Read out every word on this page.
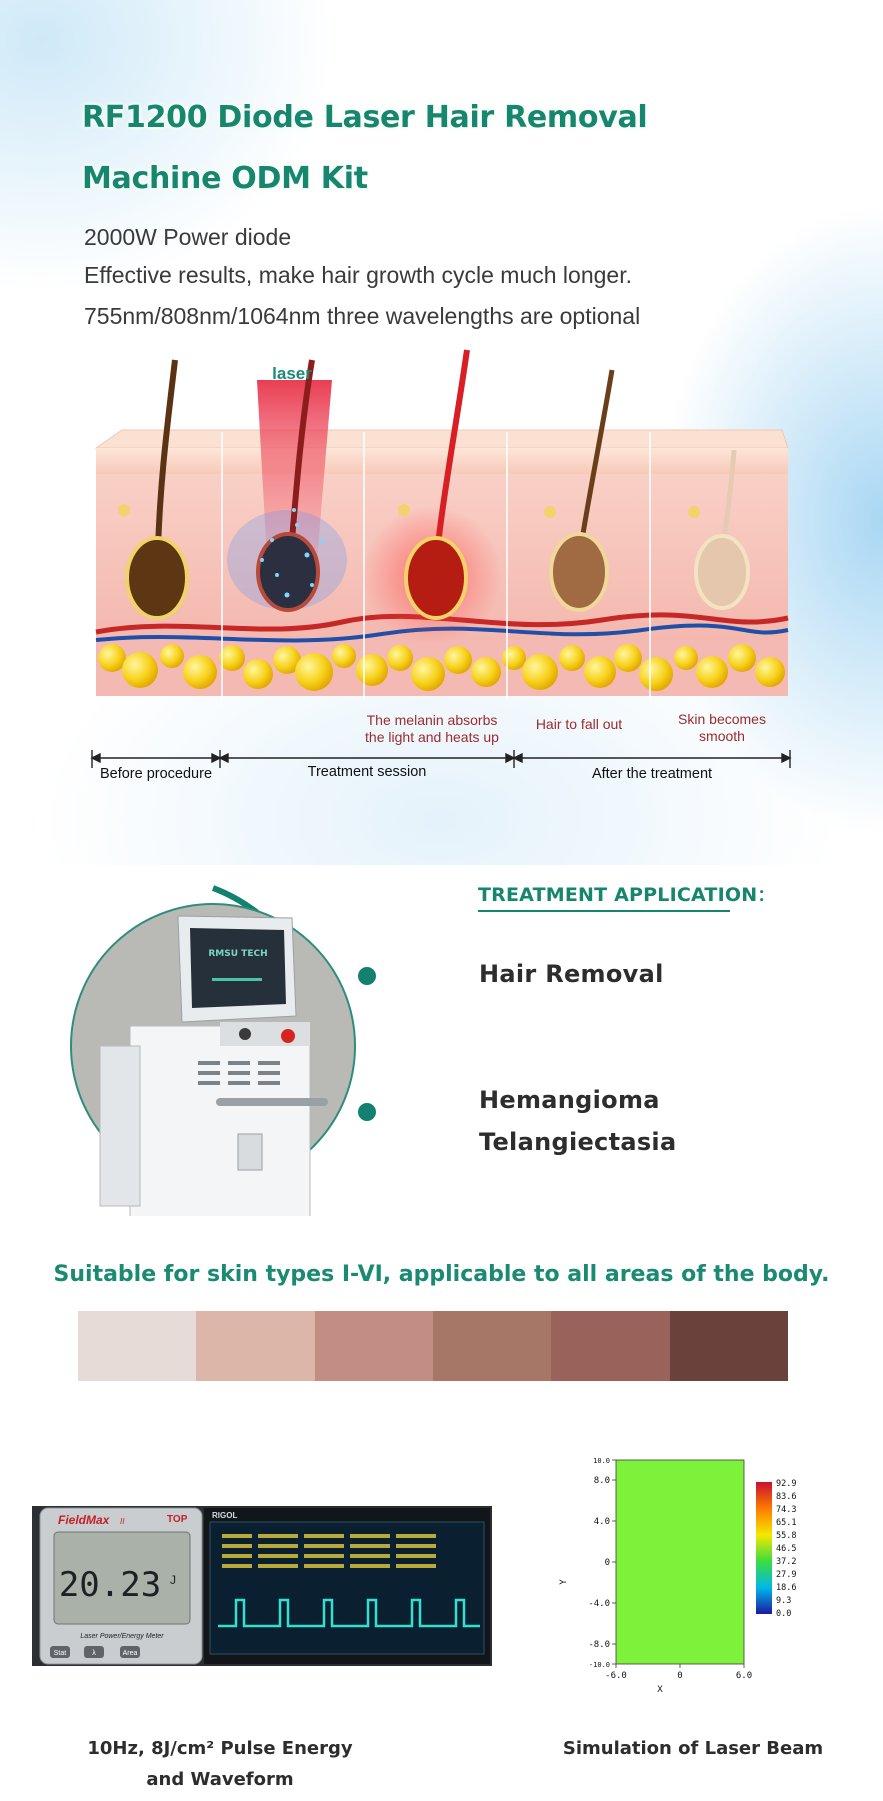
RF1200 Diode Laser Hair Removal
Machine ODM Kit
2000W Power diode
Effective results, make hair growth cycle much longer.
755nm/808nm/1064nm three wavelengths are optional
laser
The melanin absorbs
the light and heats up
Hair to fall out	Skin becomes
smooth
Before procedure	Treatment session	After the treatment
RMSU TECH
TREATMENT APPLICATION：
Hair Removal
Hemangioma
Telangiectasia
Suitable for skin types I-VI, applicable to all areas of the body.
FieldMax II	TOP
20.23 J
Laser Power/Energy Meter
Stat	λ	Area
RIGOL
10.0
8.0
4.0
0
-4.0
-8.0
-10.0
-6.0	0	6.0
X
Y
92.9
83.6
74.3
65.1
55.8
46.5
37.2
27.9
18.6
9.3
0.0
10Hz, 8J/cm² Pulse Energy
and Waveform
Simulation of Laser Beam
